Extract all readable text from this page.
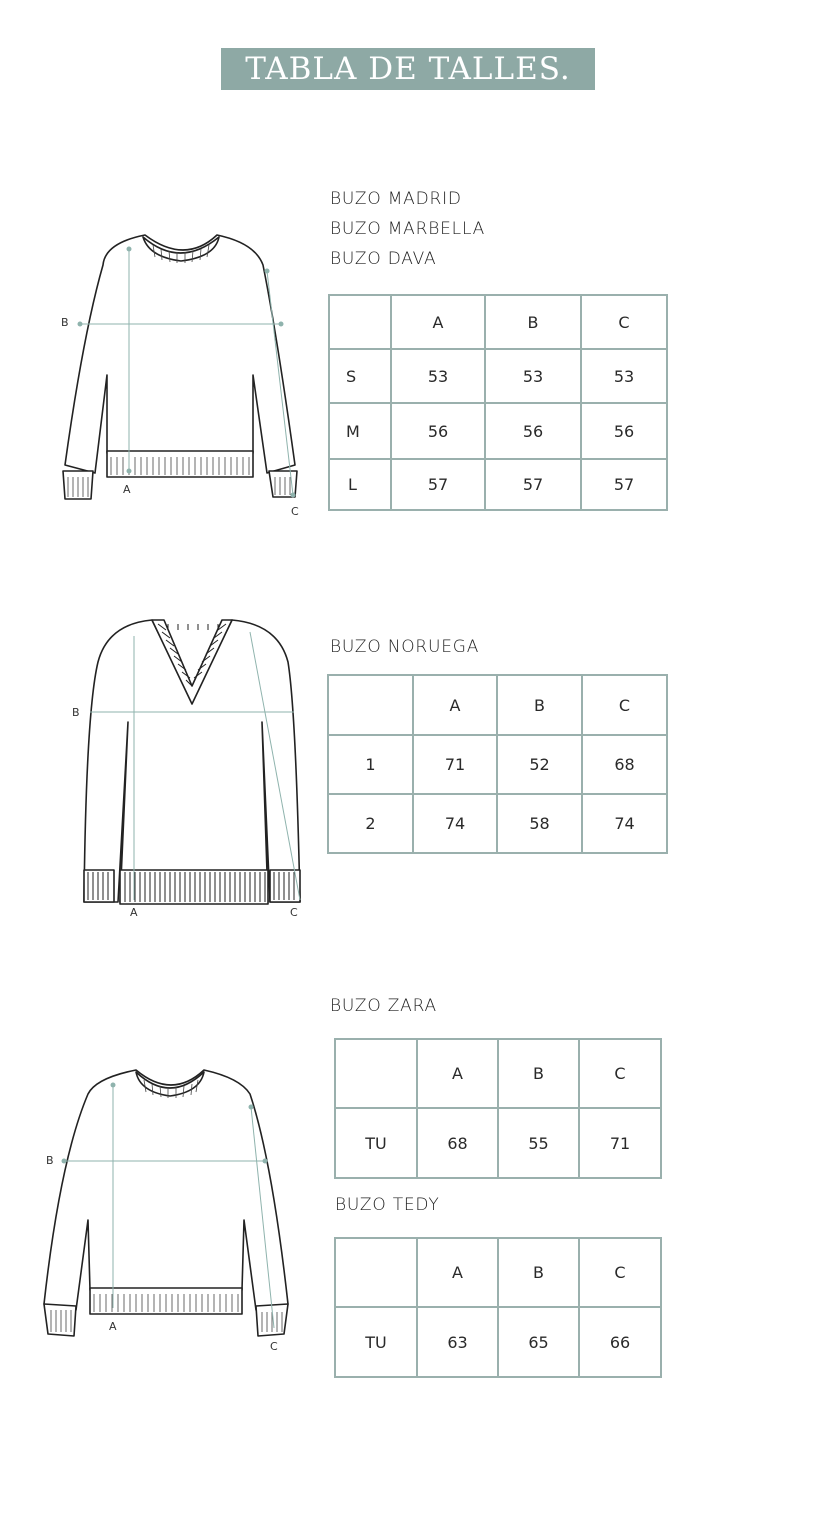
TABLA DE TALLES.
B
A
C
BUZO MADRID
BUZO MARBELLA
BUZO DAVA
	A	B	C
S	53	53	53
M	56	56	56
L	57	57	57
B
A	C
BUZO NORUEGA
	A	B	C
1	71	52	68
2	74	58	74
B
A
C
BUZO ZARA
	A	B	C
TU	68	55	71
BUZO TEDY
	A	B	C
TU	63	65	66
